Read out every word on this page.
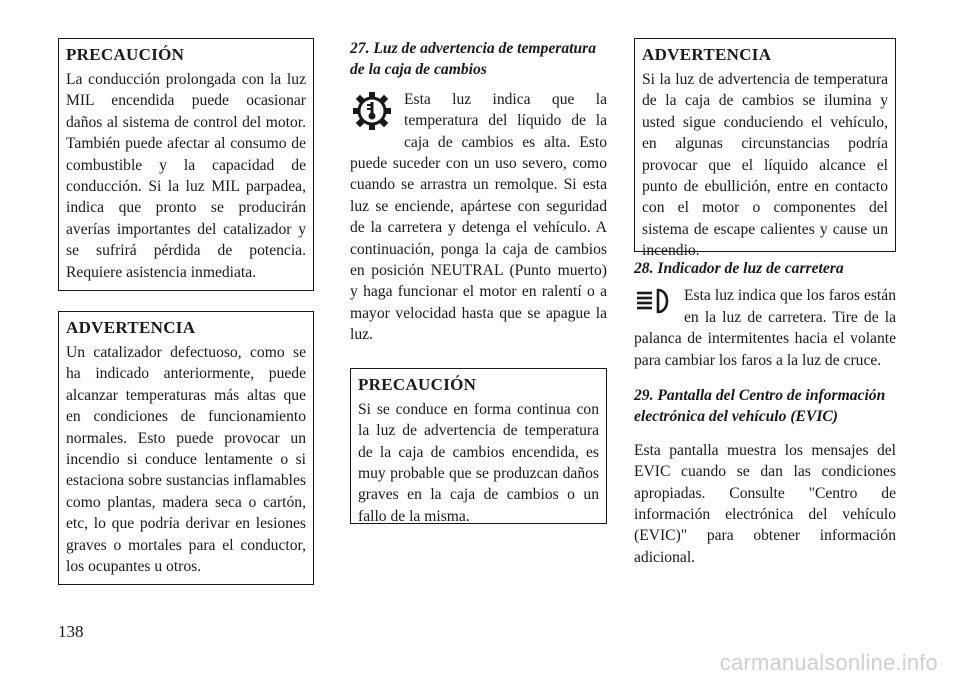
PRECAUCIÓN

La conducción prolongada con la luz MIL encendida puede ocasionar daños al sistema de control del motor. También puede afectar al consumo de combustible y la capacidad de conducción. Si la luz MIL parpadea, indica que pronto se producirán averías importantes del catalizador y se sufrirá pérdida de potencia. Requiere asistencia inmediata.

ADVERTENCIA

Un catalizador defectuoso, como se ha indicado anteriormente, puede alcanzar temperaturas más altas que en condiciones de funcionamiento normales. Esto puede provocar un incendio si conduce lentamente o si estaciona sobre sustancias inflamables como plantas, madera seca o cartón, etc, lo que podría derivar en lesiones graves o mortales para el conductor, los ocupantes u otros.

27. Luz de advertencia de temperatura de la caja de cambios

Esta luz indica que la temperatura del líquido de la caja de cambios es alta. Esto puede suceder con un uso severo, como cuando se arrastra un remolque. Si esta luz se enciende, apártese con seguridad de la carretera y detenga el vehículo. A continuación, ponga la caja de cambios en posición NEUTRAL (Punto muerto) y haga funcionar el motor en ralentí o a mayor velocidad hasta que se apague la luz.

PRECAUCIÓN

Si se conduce en forma continua con la luz de advertencia de temperatura de la caja de cambios encendida, es muy probable que se produzcan daños graves en la caja de cambios o un fallo de la misma.

ADVERTENCIA

Si la luz de advertencia de temperatura de la caja de cambios se ilumina y usted sigue conduciendo el vehículo, en algunas circunstancias podría provocar que el líquido alcance el punto de ebullición, entre en contacto con el motor o componentes del sistema de escape calientes y cause un incendio.

28. Indicador de luz de carretera

Esta luz indica que los faros están en la luz de carretera. Tire de la palanca de intermitentes hacia el volante para cambiar los faros a la luz de cruce.

29. Pantalla del Centro de información electrónica del vehículo (EVIC)

Esta pantalla muestra los mensajes del EVIC cuando se dan las condiciones apropiadas. Consulte "Centro de información electrónica del vehículo (EVIC)" para obtener información adicional.

138
carmanualsonline.info
